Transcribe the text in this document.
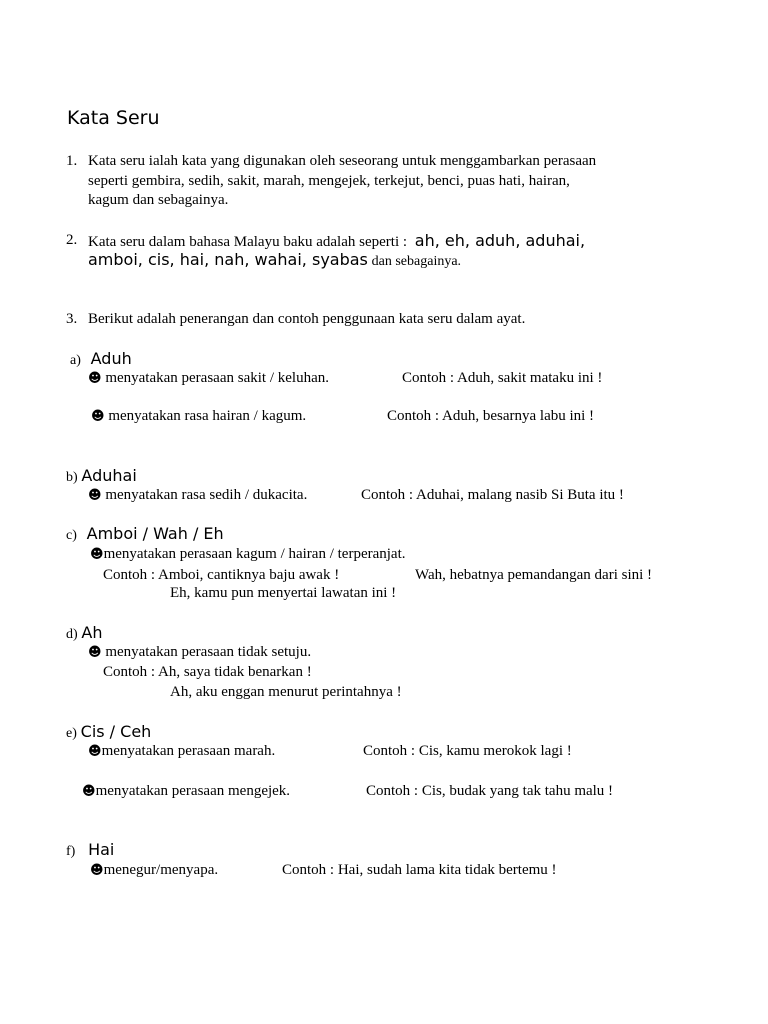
Kata Seru
1. Kata seru ialah kata yang digunakan oleh seseorang untuk menggambarkan perasaan
seperti gembira, sedih, sakit, marah, mengejek, terkejut, benci, puas hati, hairan,
kagum dan sebagainya.
2. Kata seru dalam bahasa Malayu baku adalah seperti : ah, eh, aduh, aduhai,
amboi, cis, hai, nah, wahai, syabas dan sebagainya.
3. Berikut adalah penerangan dan contoh penggunaan kata seru dalam ayat.
a) Aduh
☻ menyatakan perasaan sakit / keluhan.	Contoh : Aduh, sakit mataku ini !
☻ menyatakan rasa hairan / kagum.	Contoh : Aduh, besarnya labu ini !
b) Aduhai
☻ menyatakan rasa sedih / dukacita.	Contoh : Aduhai, malang nasib Si Buta itu !
c) Amboi / Wah / Eh
☻menyatakan perasaan kagum / hairan / terperanjat.
Contoh : Amboi, cantiknya baju awak !	Wah, hebatnya pemandangan dari sini !
Eh, kamu pun menyertai lawatan ini !
d) Ah
☻ menyatakan perasaan tidak setuju.
Contoh : Ah, saya tidak benarkan !
Ah, aku enggan menurut perintahnya !
e) Cis / Ceh
☻menyatakan perasaan marah.	Contoh : Cis, kamu merokok lagi !
☻menyatakan perasaan mengejek.	Contoh : Cis, budak yang tak tahu malu !
f) Hai
☻menegur/menyapa.	Contoh : Hai, sudah lama kita tidak bertemu !
